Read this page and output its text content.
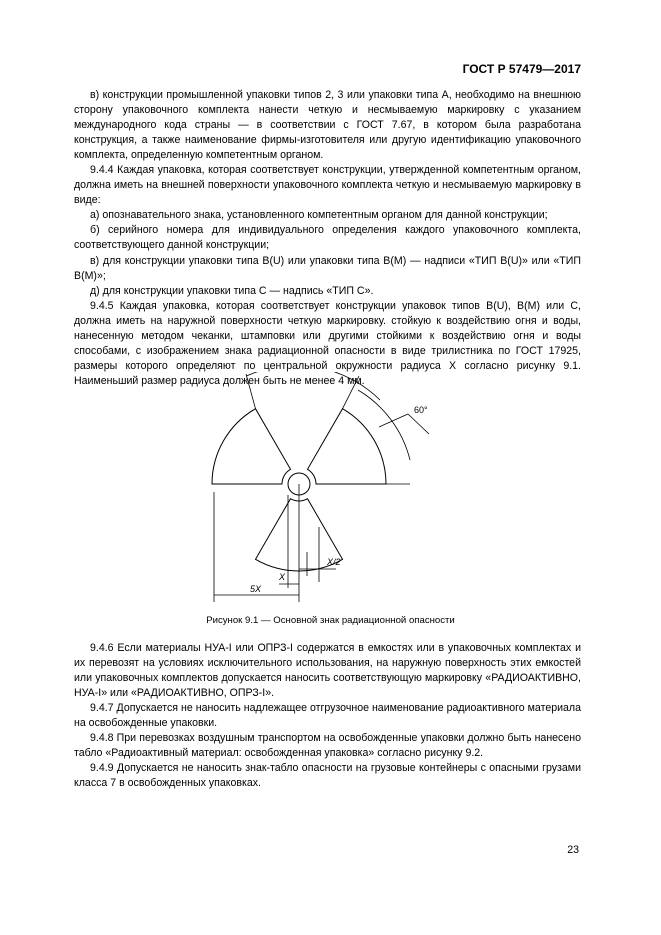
ГОСТ Р 57479—2017

в) конструкции промышленной упаковки типов 2, 3 или упаковки типа А, необходимо на внешнюю сторону упаковочного комплекта нанести четкую и несмываемую маркировку с указанием международного кода страны — в соответствии с ГОСТ 7.67, в котором была разработана конструкция, а также наименование фирмы-изготовителя или другую идентификацию упаковочного комплекта, определенную компетентным органом.

9.4.4 Каждая упаковка, которая соответствует конструкции, утвержденной компетентным органом, должна иметь на внешней поверхности упаковочного комплекта четкую и несмываемую маркировку в виде:

а) опознавательного знака, установленного компетентным органом для данной конструкции;

б) серийного номера для индивидуального определения каждого упаковочного комплекта, соответствующего данной конструкции;

в) для конструкции упаковки типа B(U) или упаковки типа B(M) — надписи «ТИП B(U)» или «ТИП B(M)»;

д) для конструкции упаковки типа С — надпись «ТИП С».

9.4.5 Каждая упаковка, которая соответствует конструкции упаковок типов B(U), B(M) или С, должна иметь на наружной поверхности четкую маркировку. стойкую к воздействию огня и воды, нанесенную методом чеканки, штамповки или другими стойкими к воздействию огня и воды способами, с изображением знака радиационной опасности в виде трилистника по ГОСТ 17925, размеры которого определяют по центральной окружности радиуса X согласно рисунку 9.1. Наименьший размер радиуса должен быть не менее 4 мм.

60°
5X
X
X/2
Рисунок 9.1 — Основной знак радиационной опасности

9.4.6 Если материалы НУА-I или ОПРЗ-I содержатся в емкостях или в упаковочных комплектах и их перевозят на условиях исключительного использования, на наружную поверхность этих емкостей или упаковочных комплектов допускается наносить соответствующую маркировку «РАДИОАКТИВНО, НУА-I» или «РАДИОАКТИВНО, ОПРЗ-I».

9.4.7 Допускается не наносить надлежащее отгрузочное наименование радиоактивного материала на освобожденные упаковки.

9.4.8 При перевозках воздушным транспортом на освобожденные упаковки должно быть нанесено табло «Радиоактивный материал: освобожденная упаковка» согласно рисунку 9.2.

9.4.9 Допускается не наносить знак-табло опасности на грузовые контейнеры с опасными грузами класса 7 в освобожденных упаковках.

23
